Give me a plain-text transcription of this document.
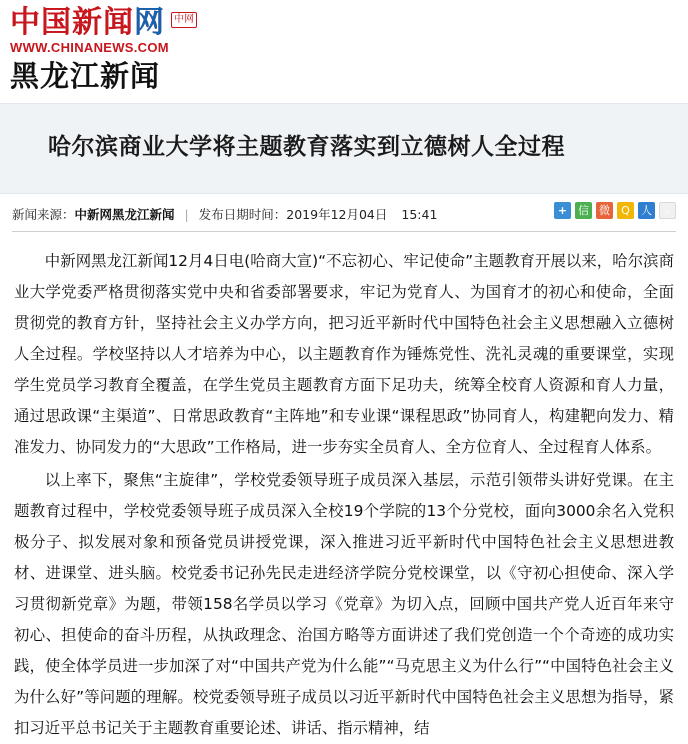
中国新闻网 中网
WWW.CHINANEWS.COM
黑龙江新闻
哈尔滨商业大学将主题教育落实到立德树人全过程
新闻来源：中新网黑龙江新闻 | 发布日期时间：2019年12月04日 15:41	+ 信 微	Q	人	⌕

中新网黑龙江新闻12月4日电(哈商大宣)“不忘初心、牢记使命”主题教育开展以来，哈尔滨商业大学党委严格贯彻落实党中央和省委部署要求，牢记为党育人、为国育才的初心和使命，全面贯彻党的教育方针，坚持社会主义办学方向，把习近平新时代中国特色社会主义思想融入立德树人全过程。学校坚持以人才培养为中心，以主题教育作为锤炼党性、洗礼灵魂的重要课堂，实现学生党员学习教育全覆盖，在学生党员主题教育方面下足功夫，统筹全校育人资源和育人力量，通过思政课“主渠道”、日常思政教育“主阵地”和专业课“课程思政”协同育人，构建靶向发力、精准发力、协同发力的“大思政”工作格局，进一步夯实全员育人、全方位育人、全过程育人体系。

以上率下，聚焦“主旋律”，学校党委领导班子成员深入基层，示范引领带头讲好党课。在主题教育过程中，学校党委领导班子成员深入全校19个学院的13个分党校，面向3000余名入党积极分子、拟发展对象和预备党员讲授党课，深入推进习近平新时代中国特色社会主义思想进教材、进课堂、进头脑。校党委书记孙先民走进经济学院分党校课堂，以《守初心担使命、深入学习贯彻新党章》为题，带领158名学员以学习《党章》为切入点，回顾中国共产党人近百年来守初心、担使命的奋斗历程，从执政理念、治国方略等方面讲述了我们党创造一个个奇迹的成功实践，使全体学员进一步加深了对“中国共产党为什么能”“马克思主义为什么行”“中国特色社会主义为什么好”等问题的理解。校党委领导班子成员以习近平新时代中国特色社会主义思想为指导，紧扣习近平总书记关于主题教育重要论述、讲话、指示精神，结
